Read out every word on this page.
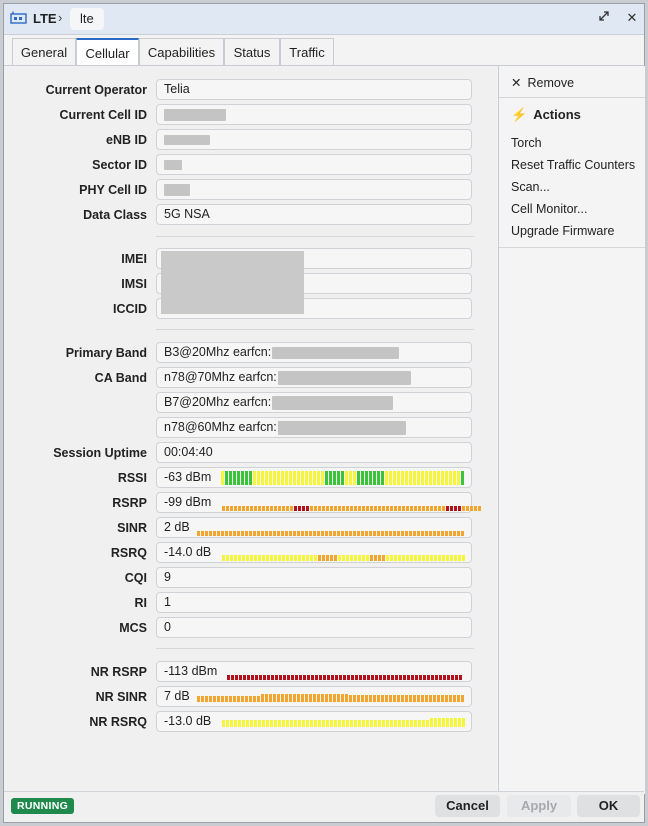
LTE ›	lte	✕
General	Cellular	Capabilities	Status	Traffic
Current Operator	Telia
Current Cell ID
eNB ID
Sector ID
PHY Cell ID
Data Class	5G NSA
IMEI
IMSI
ICCID
Primary Band	B3@20Mhz earfcn:
CA Band	n78@70Mhz earfcn:
B7@20Mhz earfcn:
n78@60Mhz earfcn:
Session Uptime	00:04:40
RSSI	-63 dBm
RSRP	-99 dBm
SINR	2 dB
RSRQ	-14.0 dB
CQI	9
RI	1
MCS	0
NR RSRP	-113 dBm
NR SINR	7 dB
NR RSRQ	-13.0 dB
✕ Remove
⚡ Actions
Torch
Reset Traffic Counters
Scan...
Cell Monitor...
Upgrade Firmware
RUNNING	Cancel	Apply	OK
